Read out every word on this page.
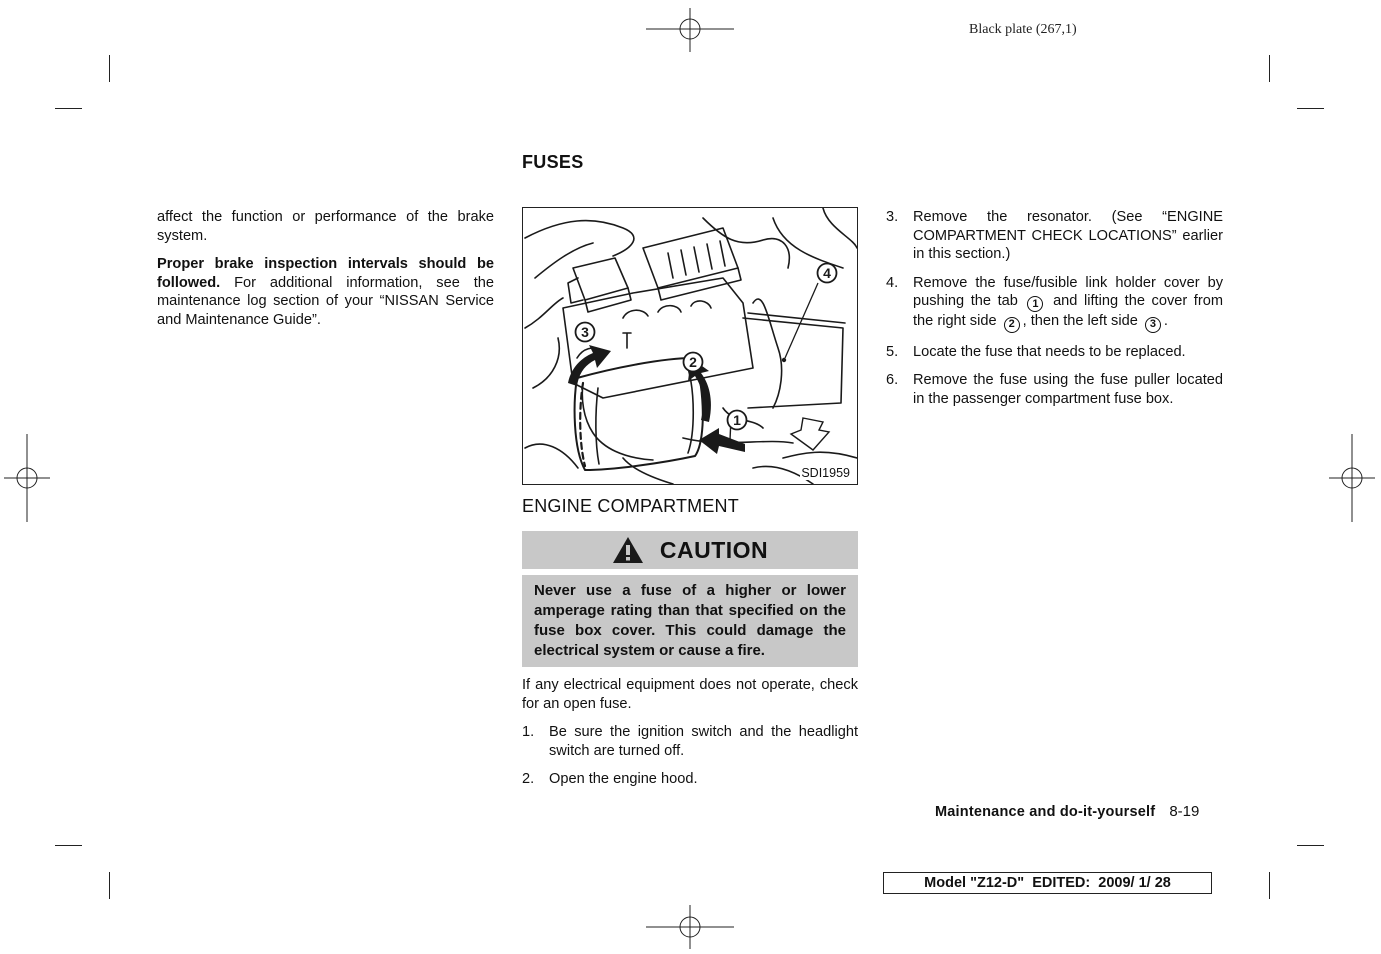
Black plate (267,1)

affect the function or performance of the brake system.

Proper brake inspection intervals should be followed. For additional information, see the maintenance log section of your “NISSAN Service and Maintenance Guide”.

FUSES
1
2
3
4
SDI1959
ENGINE COMPARTMENT
CAUTION
Never use a fuse of a higher or lower amperage rating than that specified on the fuse box cover. This could damage the electrical system or cause a fire.

If any electrical equipment does not operate, check for an open fuse.

1.	Be sure the ignition switch and the headlight switch are turned off.
2.	Open the engine hood.
3.	Remove the resonator. (See “ENGINE COMPARTMENT CHECK LOCATIONS” earlier in this section.)
4.	Remove the fuse/fusible link holder cover by pushing the tab 1 and lifting the cover from the right side 2 , then the left side 3 .
5.	Locate the fuse that needs to be replaced.
6.	Remove the fuse using the fuse puller located in the passenger compartment fuse box.
Maintenance and do-it-yourself 8-19
Model " Z12-D "  EDITED:  2009/ 1/ 28
